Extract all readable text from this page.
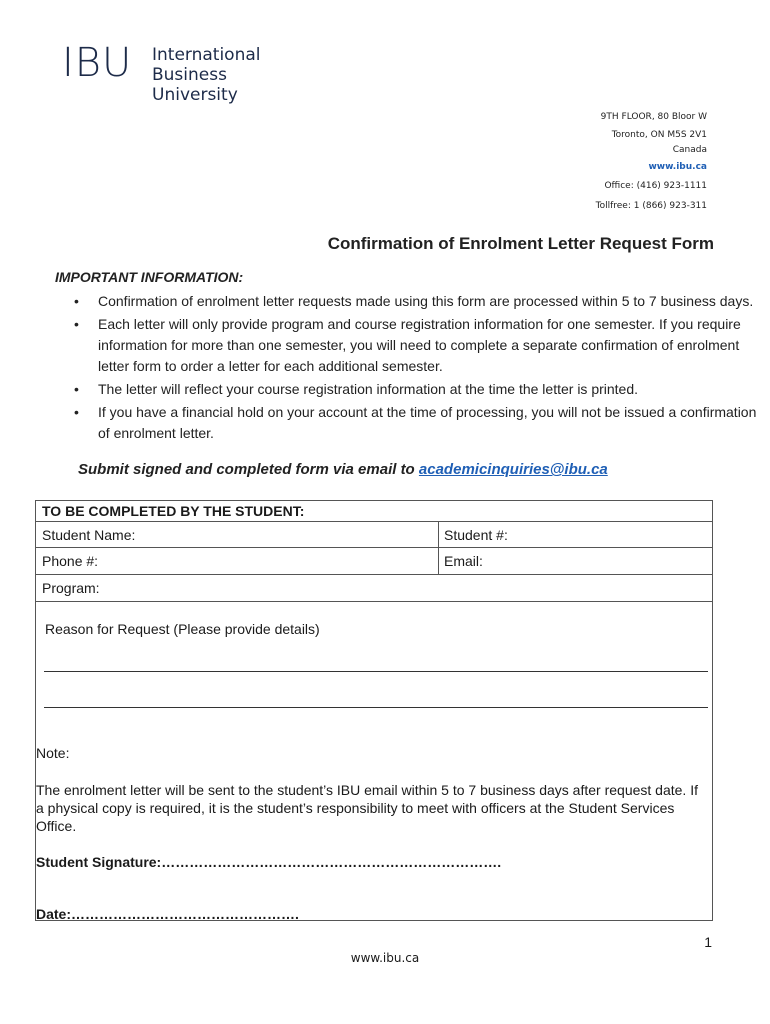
IBU International
Business
University
9TH FLOOR, 80 Bloor W
Toronto, ON M5S 2V1
Canada
www.ibu.ca
Office: (416) 923-1111
Tollfree: 1 (866) 923-311
Confirmation of Enrolment Letter Request Form
IMPORTANT INFORMATION:
• Confirmation of enrolment letter requests made using this form are processed within 5 to 7 business days.
• Each letter will only provide program and course registration information for one semester. If you require information for more than one semester, you will need to complete a separate confirmation of enrolment letter form to order a letter for each additional semester.
• The letter will reflect your course registration information at the time the letter is printed.
• If you have a financial hold on your account at the time of processing, you will not be issued a confirmation of enrolment letter.
Submit signed and completed form via email to academicinquiries@ibu.ca
TO BE COMPLETED BY THE STUDENT:
Student Name:	Student #:
Phone #:	Email:
Program:
Reason for Request (Please provide details)
Note:
The enrolment letter will be sent to the student’s IBU email within 5 to 7 business days after request date. If a physical copy is required, it is the student’s responsibility to meet with officers at the Student Services Office.
Student Signature:……………………………………………………………….
Date:………………………………………….
1
www.ibu.ca
